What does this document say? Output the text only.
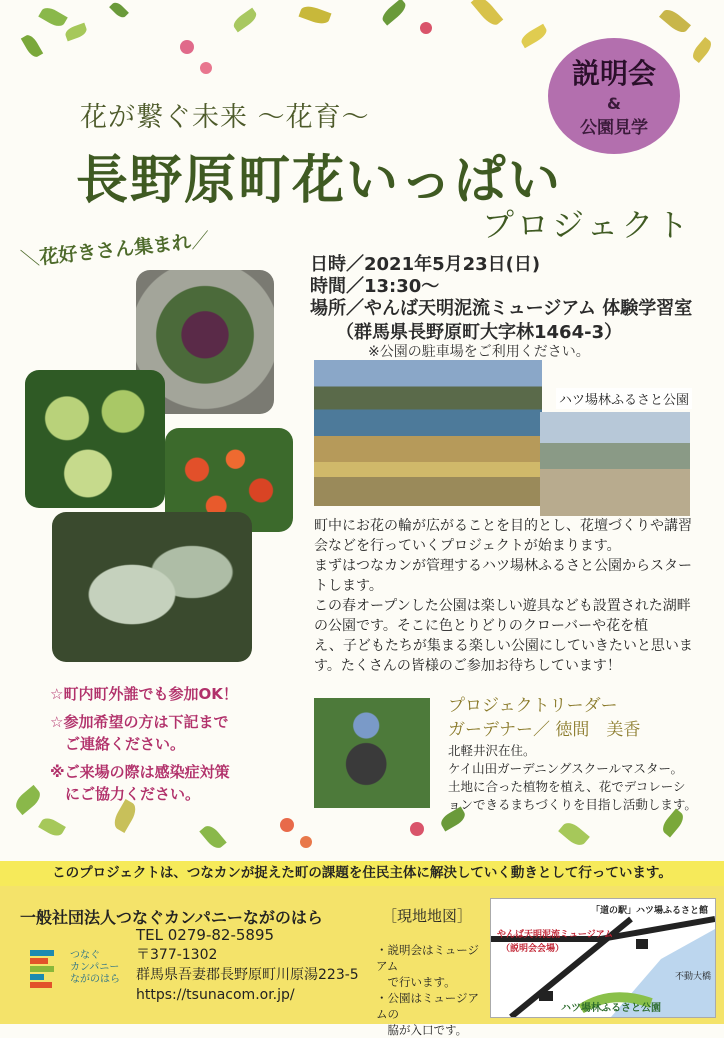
花が繋ぐ未来 〜花育〜
長野原町花いっぱい
プロジェクト
説明会
&
公園見学
＼花好きさん集まれ／
日時／2021年5月23日(日)
時間／13:30〜
場所／やんば天明泥流ミュージアム 体験学習室
（群馬県長野原町大字林1464-3）
※公園の駐車場をご利用ください。
ハツ場林ふるさと公園
町中にお花の輪が広がることを目的とし、花壇づくりや講習
会などを行っていくプロジェクトが始まります。
まずはつなカンが管理するハツ場林ふるさと公園からスター
トします。
この春オープンした公園は楽しい遊具なども設置された湖畔
の公園です。そこに色とりどりのクローバーや花を植
え、子どもたちが集まる楽しい公園にしていきたいと思いま
す。たくさんの皆様のご参加お待ちしています！
☆町内町外誰でも参加OK！
☆参加希望の方は下記まで
　ご連絡ください。
※ご来場の際は感染症対策
　にご協力ください。
プロジェクトリーダー
ガーデナー／ 徳間　美香
北軽井沢在住。
ケイ山田ガーデニングスクールマスター。
土地に合った植物を植え、花でデコレーシ
ョンできるまちづくりを目指し活動します。
このプロジェクトは、つなカンが捉えた町の課題を住民主体に解決していく動きとして行っています。
一般社団法人つなぐカンパニーながのはら
つなぐ
カンパニー
ながのはら
TEL 0279-82-5895
〒377-1302
群馬県吾妻郡長野原町川原湯223-5
https://tsunacom.or.jp/
［現地地図］
・説明会はミュージアム
　で行います。
・公園はミュージアムの
　脇が入口です。
「道の駅」ハツ場ふるさと館
やんば天明泥流ミュージアム
（説明会会場）
不動大橋
ハツ場林ふるさと公園
